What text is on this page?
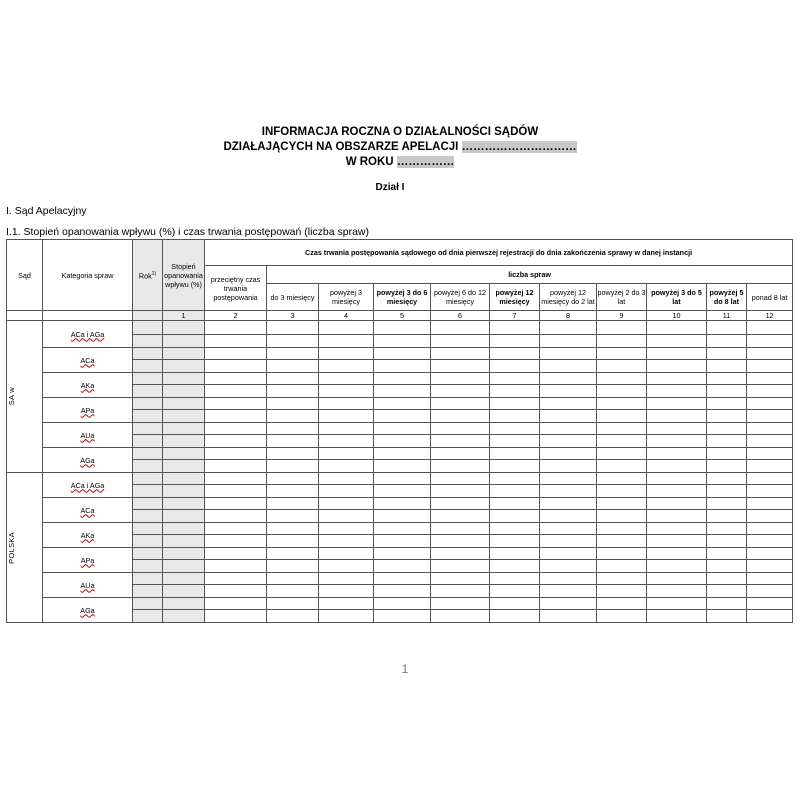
INFORMACJA ROCZNA O DZIAŁALNOŚCI SĄDÓW
DZIAŁAJĄCYCH NA OBSZARZE APELACJI …………………………
W ROKU ……………
Dział I
I. Sąd Apelacyjny
I.1. Stopień opanowania wpływu (%) i czas trwania postępowań (liczba spraw)
Sąd	Kategoria spraw	Rok$^{1)}$	Stopień opanowania wpływu (%)	Czas trwania postępowania sądowego od dnia pierwszej rejestracji do dnia zakończenia sprawy w danej instancji										
				przeciętny czas trwania postępowania	liczba spraw									
					do 3 miesięcy	powyżej 3 miesięcy	powyżej 3 do 6 miesięcy	powyżej 6 do 12 miesięcy	powyżej 12 miesięcy	powyżej 12 miesięcy do 2 lat	powyżej 2 do 3 lat	powyżej 3 do 5 lat	powyżej 5 do 8 lat	ponad 8 lat
			1	2	3	4	5	6	7	8	9	10	11	12

SA w	ACa i AGa													

	ACa													

	AKa													

	APa													

	AUa													

	AGa													

POLSKA	ACa i AGa													

	ACa													

	AKa													

	APa													

	AUa													

	AGa													

1
